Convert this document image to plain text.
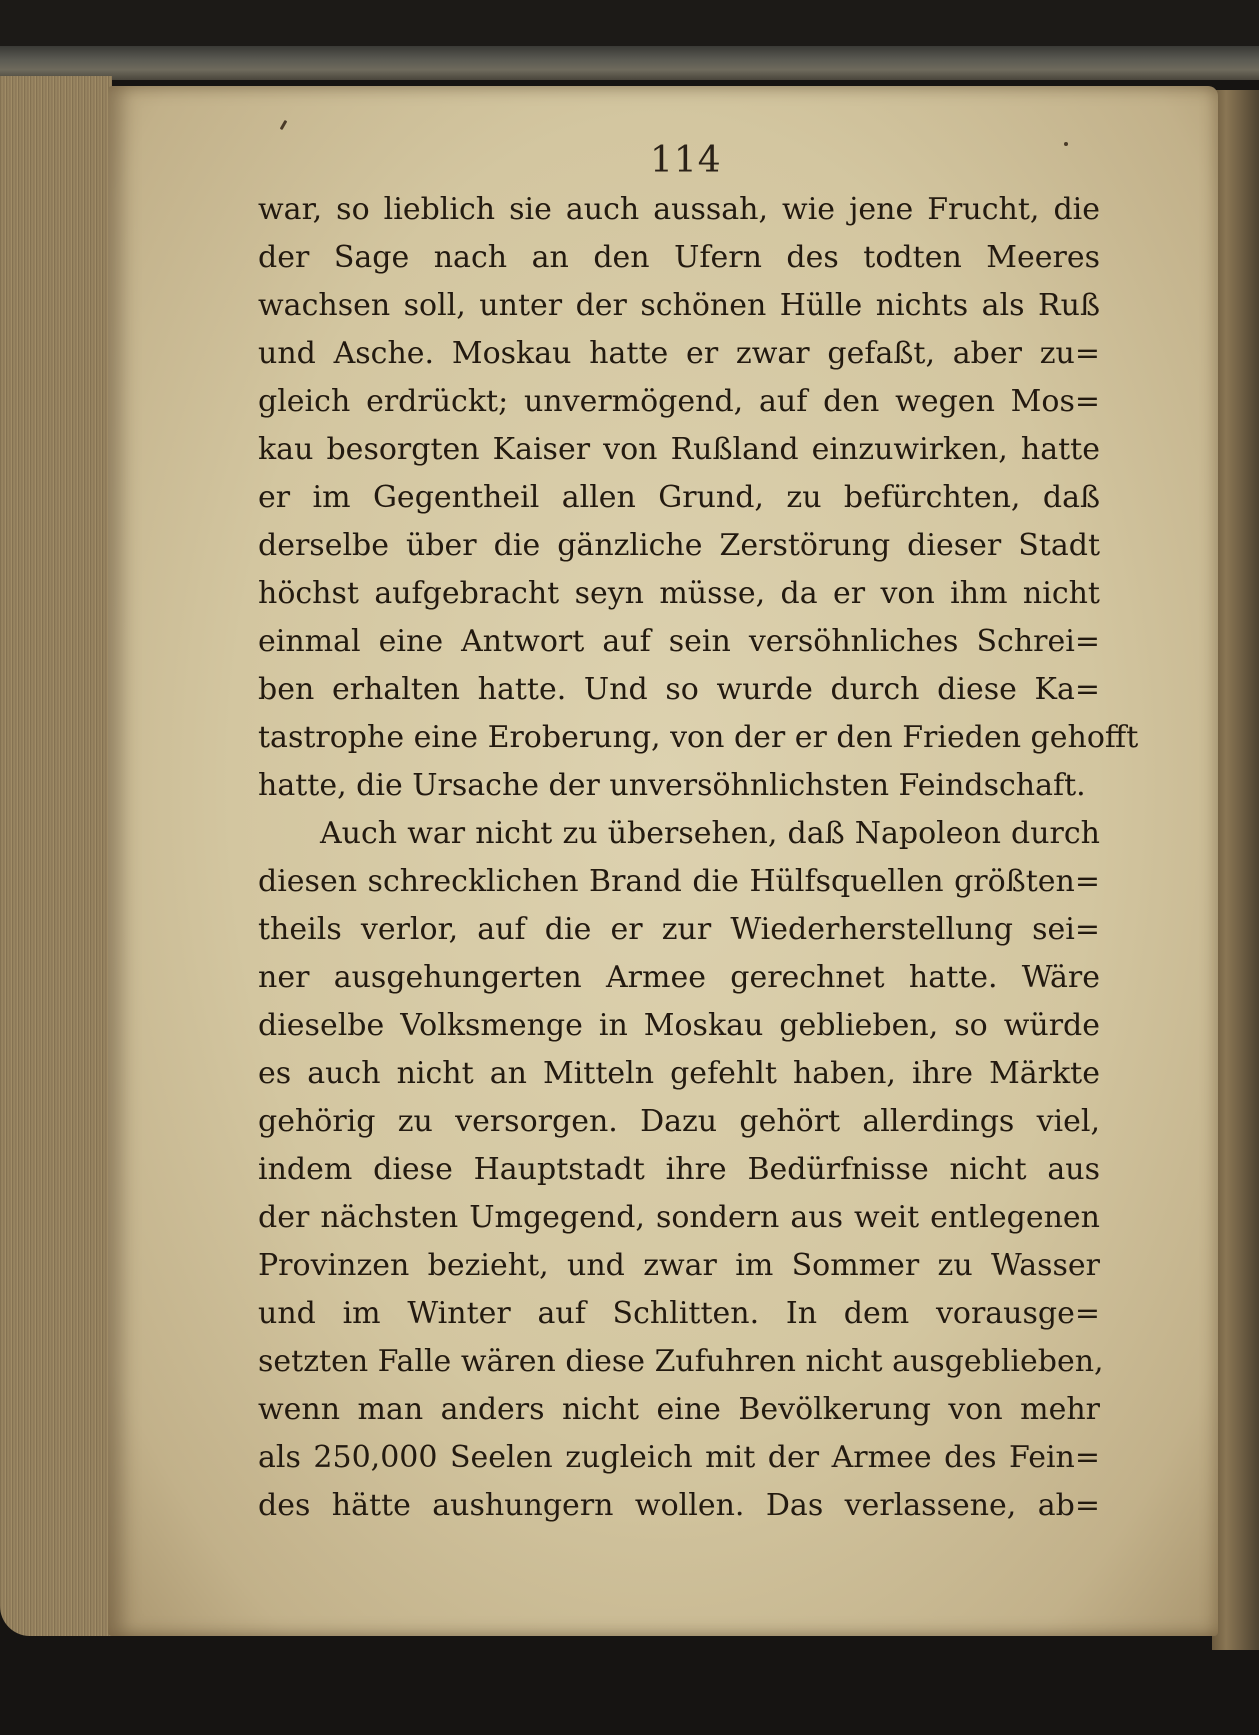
114
war, so lieblich sie auch aussah, wie jene Frucht, die
der Sage nach an den Ufern des todten Meeres
wachsen soll, unter der schönen Hülle nichts als Ruß
und Asche. Moskau hatte er zwar gefaßt, aber zu=
gleich erdrückt; unvermögend, auf den wegen Mos=
kau besorgten Kaiser von Rußland einzuwirken, hatte
er im Gegentheil allen Grund, zu befürchten, daß
derselbe über die gänzliche Zerstörung dieser Stadt
höchst aufgebracht seyn müsse, da er von ihm nicht
einmal eine Antwort auf sein versöhnliches Schrei=
ben erhalten hatte. Und so wurde durch diese Ka=
tastrophe eine Eroberung, von der er den Frieden gehofft
hatte, die Ursache der unversöhnlichsten Feindschaft.
Auch war nicht zu übersehen, daß Napoleon durch
diesen schrecklichen Brand die Hülfsquellen größten=
theils verlor, auf die er zur Wiederherstellung sei=
ner ausgehungerten Armee gerechnet hatte. Wäre
dieselbe Volksmenge in Moskau geblieben, so würde
es auch nicht an Mitteln gefehlt haben, ihre Märkte
gehörig zu versorgen. Dazu gehört allerdings viel,
indem diese Hauptstadt ihre Bedürfnisse nicht aus
der nächsten Umgegend, sondern aus weit entlegenen
Provinzen bezieht, und zwar im Sommer zu Wasser
und im Winter auf Schlitten. In dem vorausge=
setzten Falle wären diese Zufuhren nicht ausgeblieben,
wenn man anders nicht eine Bevölkerung von mehr
als 250,000 Seelen zugleich mit der Armee des Fein=
des hätte aushungern wollen. Das verlassene, ab=
